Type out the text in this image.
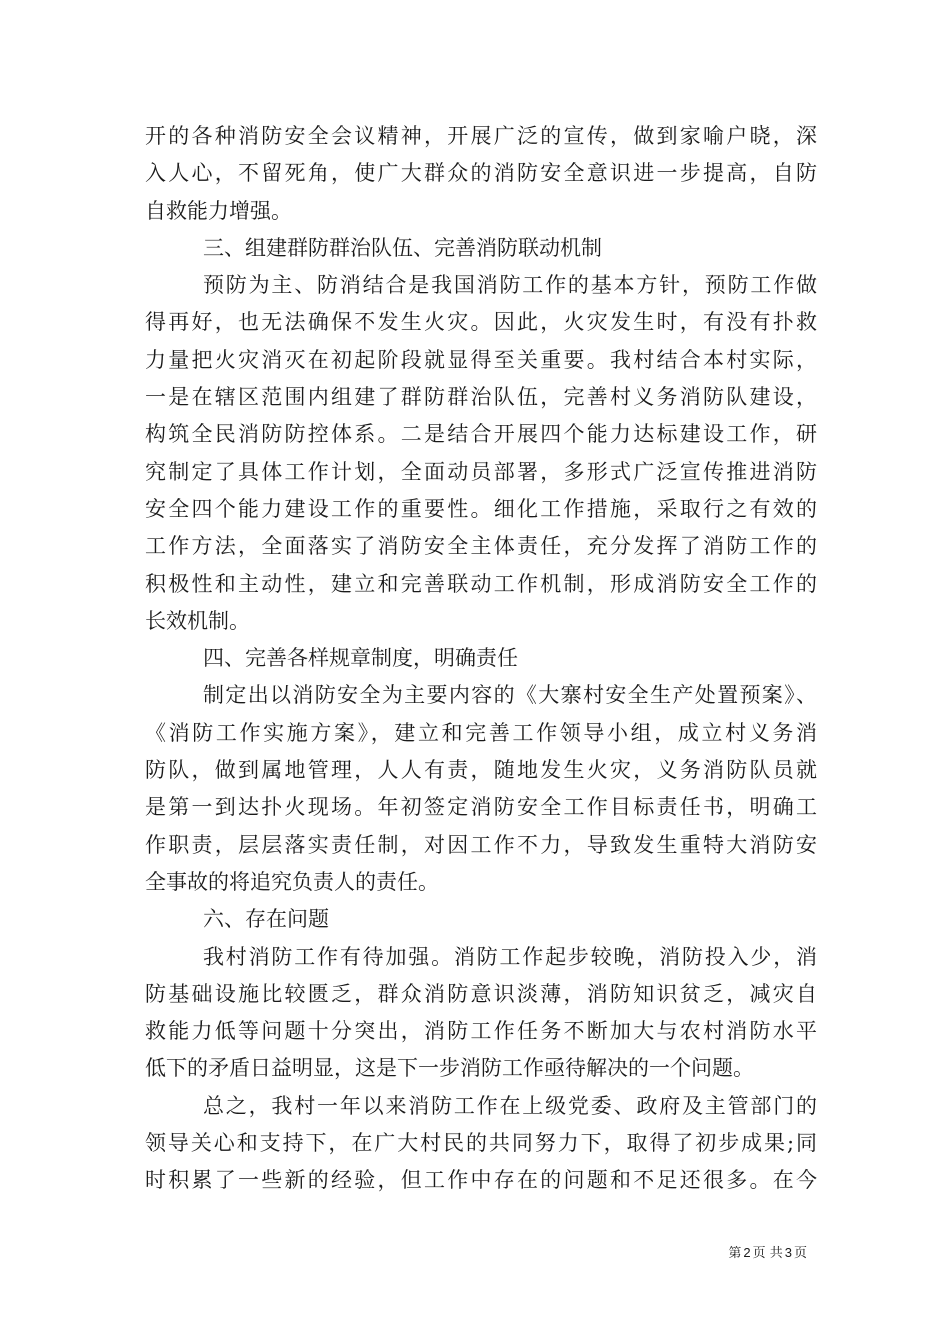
开的各种消防安全会议精神，开展广泛的宣传，做到家喻户晓，深
入人心，不留死角，使广大群众的消防安全意识进一步提高，自防
自救能力增强。
三、组建群防群治队伍、完善消防联动机制
预防为主、防消结合是我国消防工作的基本方针，预防工作做
得再好，也无法确保不发生火灾。因此，火灾发生时，有没有扑救
力量把火灾消灭在初起阶段就显得至关重要。我村结合本村实际，
一是在辖区范围内组建了群防群治队伍，完善村义务消防队建设，
构筑全民消防防控体系。二是结合开展四个能力达标建设工作，研
究制定了具体工作计划，全面动员部署，多形式广泛宣传推进消防
安全四个能力建设工作的重要性。细化工作措施，采取行之有效的
工作方法，全面落实了消防安全主体责任，充分发挥了消防工作的
积极性和主动性，建立和完善联动工作机制，形成消防安全工作的
长效机制。
四、完善各样规章制度，明确责任
制定出以消防安全为主要内容的《大寨村安全生产处置预案》、
《消防工作实施方案》，建立和完善工作领导小组，成立村义务消
防队，做到属地管理，人人有责，随地发生火灾，义务消防队员就
是第一到达扑火现场。年初签定消防安全工作目标责任书，明确工
作职责，层层落实责任制，对因工作不力，导致发生重特大消防安
全事故的将追究负责人的责任。
六、存在问题
我村消防工作有待加强。消防工作起步较晚，消防投入少，消
防基础设施比较匮乏，群众消防意识淡薄，消防知识贫乏，减灾自
救能力低等问题十分突出，消防工作任务不断加大与农村消防水平
低下的矛盾日益明显，这是下一步消防工作亟待解决的一个问题。
总之，我村一年以来消防工作在上级党委、政府及主管部门的
领导关心和支持下，在广大村民的共同努力下，取得了初步成果;同
时积累了一些新的经验，但工作中存在的问题和不足还很多。在今
第 2 页 共 3 页
